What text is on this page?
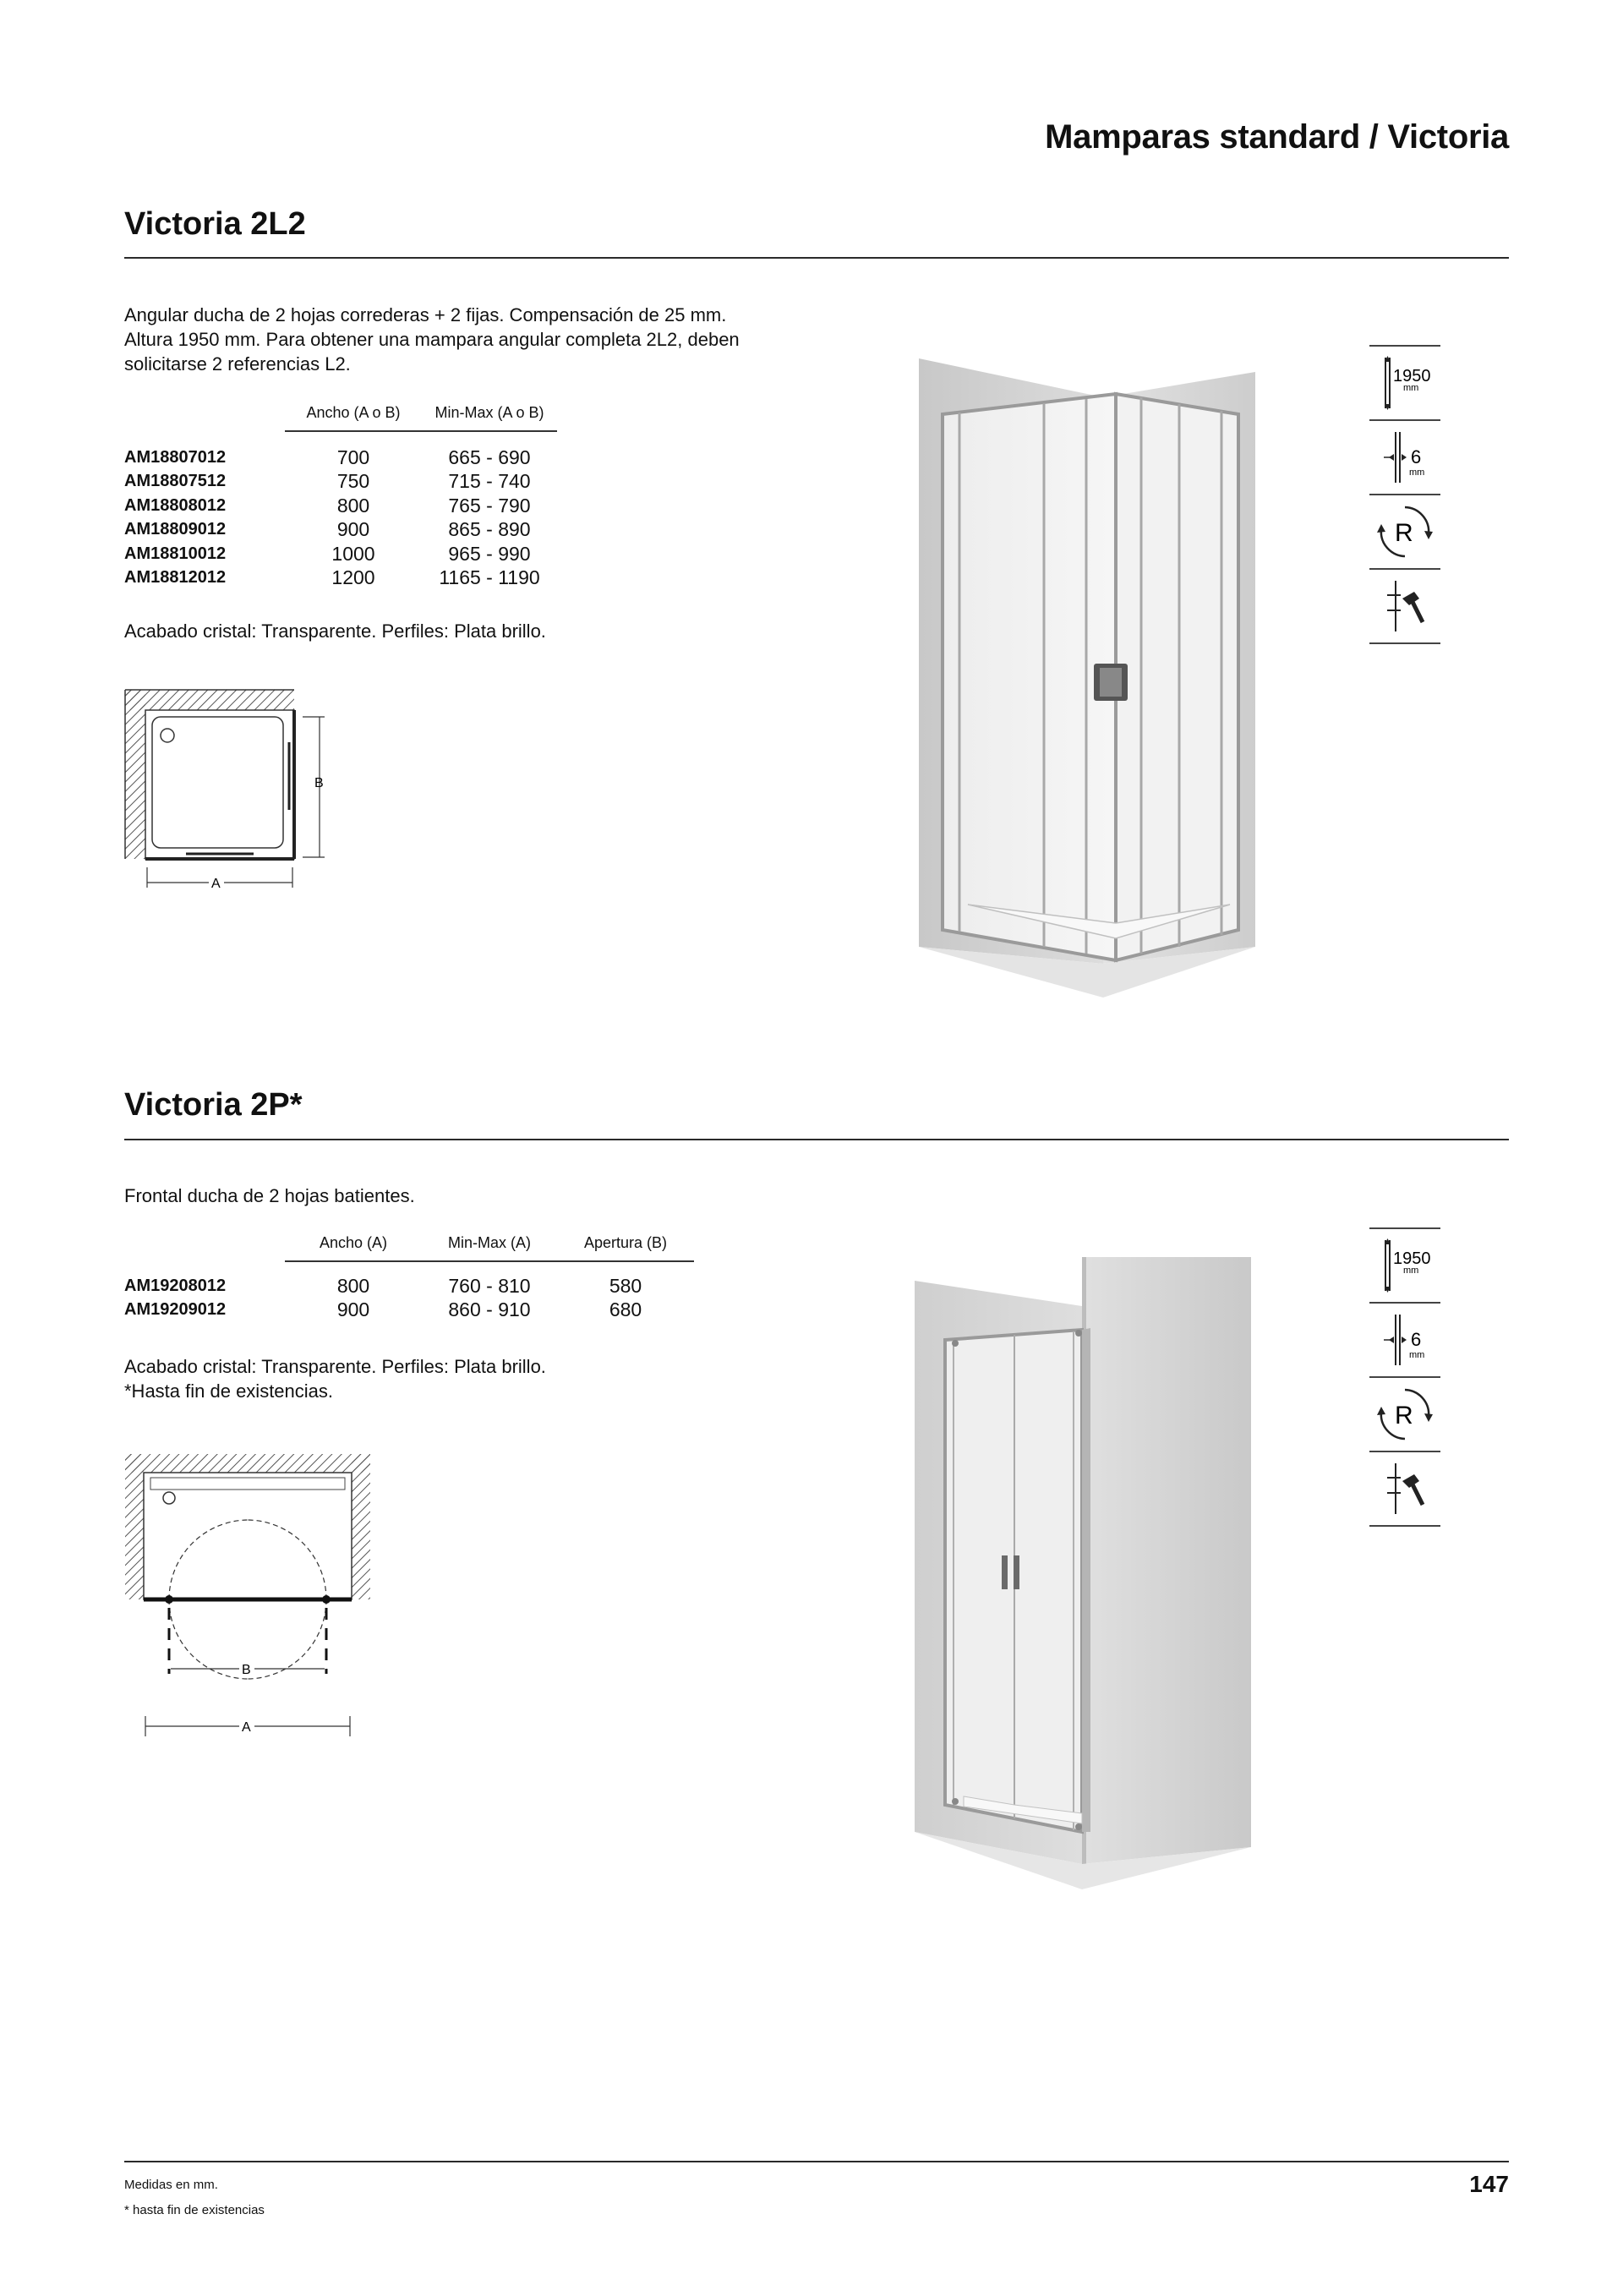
Mamparas standard / Victoria
Victoria 2L2
Angular ducha de 2 hojas correderas + 2 fijas. Compensación de 25 mm.
Altura 1950 mm. Para obtener una mampara angular completa 2L2, deben
solicitarse 2 referencias L2.
	Ancho (A o B)	Min-Max (A o B)

AM18807012	700	665 - 690
AM18807512	750	715 - 740
AM18808012	800	765 - 790
AM18809012	900	865 - 890
AM18810012	1000	965 - 990
AM18812012	1200	1165 - 1190
Acabado cristal: Transparente. Perfiles: Plata brillo.
B
A
1950
mm
6
mm
R
Victoria 2P*
Frontal ducha de 2 hojas batientes.
	Ancho (A)	Min-Max (A)	Apertura (B)

AM19208012	800	760 - 810	580
AM19209012	900	860 - 910	680
Acabado cristal: Transparente. Perfiles: Plata brillo.
*Hasta fin de existencias.
B
A
1950
mm
6
mm
R
Medidas en mm.
* hasta fin de existencias
147
